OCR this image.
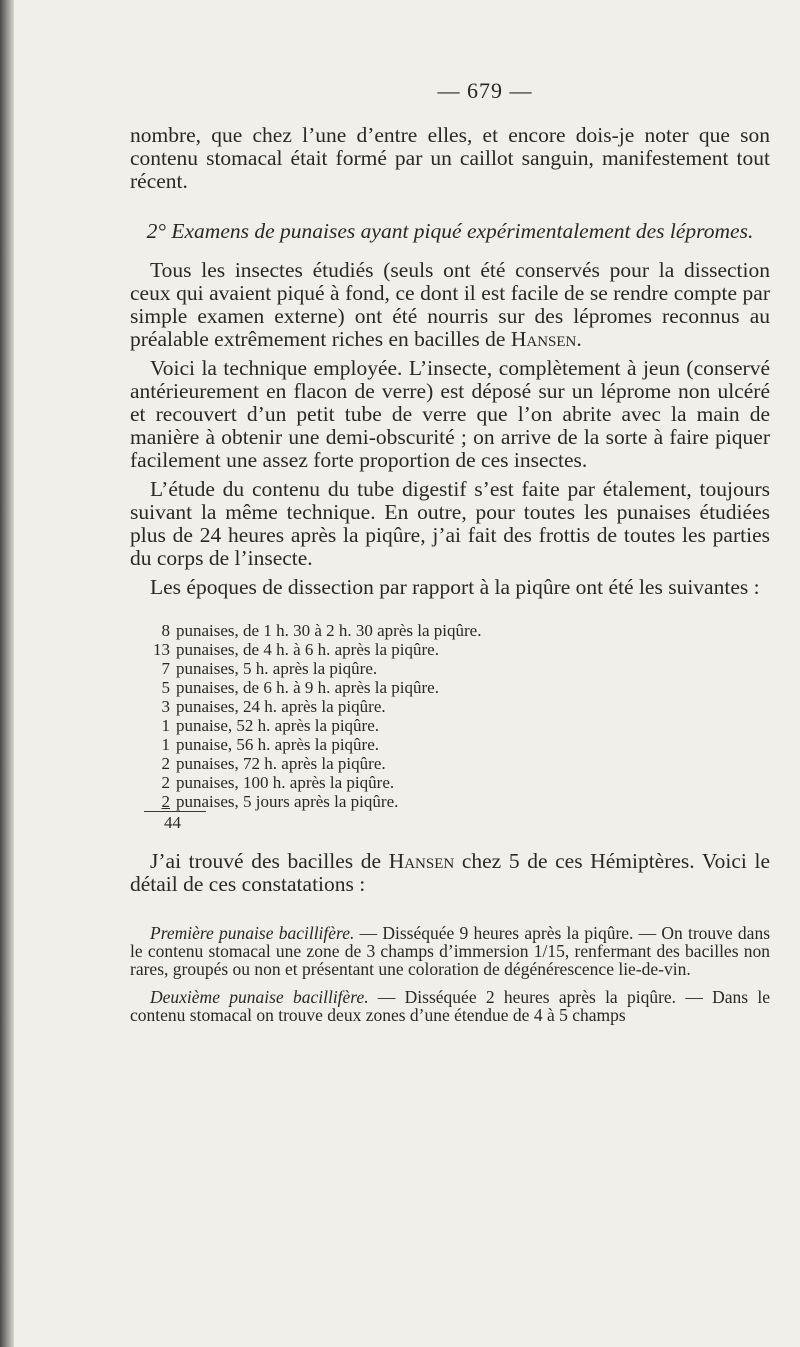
— 679 —

nombre, que chez l’une d’entre elles, et encore dois-je noter que son contenu stomacal était formé par un caillot sanguin, manifestement tout récent.

2° Examens de punaises ayant piqué expérimentalement des lépromes.

Tous les insectes étudiés (seuls ont été conservés pour la dissection ceux qui avaient piqué à fond, ce dont il est facile de se rendre compte par simple examen externe) ont été nourris sur des lépromes reconnus au préalable extrêmement riches en bacilles de Hansen.

Voici la technique employée. L’insecte, complètement à jeun (conservé antérieurement en flacon de verre) est déposé sur un léprome non ulcéré et recouvert d’un petit tube de verre que l’on abrite avec la main de manière à obtenir une demi-obscurité ; on arrive de la sorte à faire piquer facilement une assez forte proportion de ces insectes.

L’étude du contenu du tube digestif s’est faite par étalement, toujours suivant la même technique. En outre, pour toutes les punaises étudiées plus de 24 heures après la piqûre, j’ai fait des frottis de toutes les parties du corps de l’insecte.

Les époques de dissection par rapport à la piqûre ont été les suivantes :

8 punaises, de 1 h. 30 à 2 h. 30 après la piqûre.
13 punaises, de 4 h. à 6 h. après la piqûre.
7 punaises, 5 h. après la piqûre.
5 punaises, de 6 h. à 9 h. après la piqûre.
3 punaises, 24 h. après la piqûre.
1 punaise, 52 h. après la piqûre.
1 punaise, 56 h. après la piqûre.
2 punaises, 72 h. après la piqûre.
2 punaises, 100 h. après la piqûre.
2 punaises, 5 jours après la piqûre.
44

J’ai trouvé des bacilles de Hansen chez 5 de ces Hémiptères. Voici le détail de ces constatations :

Première punaise bacillifère. — Disséquée 9 heures après la piqûre. — On trouve dans le contenu stomacal une zone de 3 champs d’immersion 1/15, renfermant des bacilles non rares, groupés ou non et présentant une coloration de dégénérescence lie-de-vin.

Deuxième punaise bacillifère. — Disséquée 2 heures après la piqûre. — Dans le contenu stomacal on trouve deux zones d’une étendue de 4 à 5 champs
